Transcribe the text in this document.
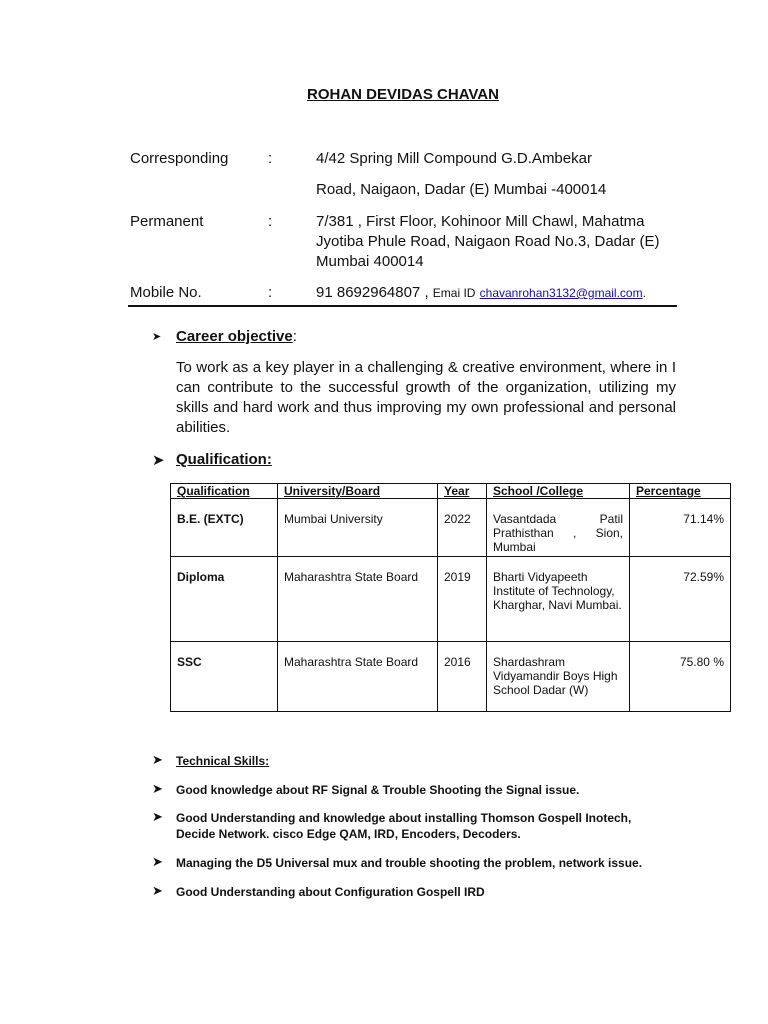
ROHAN DEVIDAS CHAVAN
Corresponding	:	4/42 Spring Mill Compound G.D.Ambekar
Road, Naigaon, Dadar (E) Mumbai -400014
Permanent	:	7/381 , First Floor, Kohinoor Mill Chawl, Mahatma Jyotiba Phule Road, Naigaon Road No.3, Dadar (E) Mumbai 400014
Mobile No.	:	91 8692964807 , Emai ID chavanrohan3132@gmail.com.
➤ Career objective:
To work as a key player in a challenging & creative environment, where in I can contribute to the successful growth of the organization, utilizing my skills and hard work and thus improving my own professional and personal abilities.
➤ Qualification:
Qualification	University/Board	Year	School /College	Percentage
B.E. (EXTC)	Mumbai University	2022	Vasantdada Patil Prathisthan , Sion, Mumbai	71.14%
Diploma	Maharashtra State Board	2019	Bharti Vidyapeeth Institute of Technology, Kharghar, Navi Mumbai.	72.59%
SSC	Maharashtra State Board	2016	Shardashram Vidyamandir Boys High School Dadar (W)	75.80 %
➤ Technical Skills:
➤ Good knowledge about RF Signal & Trouble Shooting the Signal issue.
➤ Good Understanding and knowledge about installing Thomson Gospell Inotech, Decide Network. cisco Edge QAM, IRD, Encoders, Decoders.
➤ Managing the D5 Universal mux and trouble shooting the problem, network issue.
➤ Good Understanding about Configuration Gospell IRD
